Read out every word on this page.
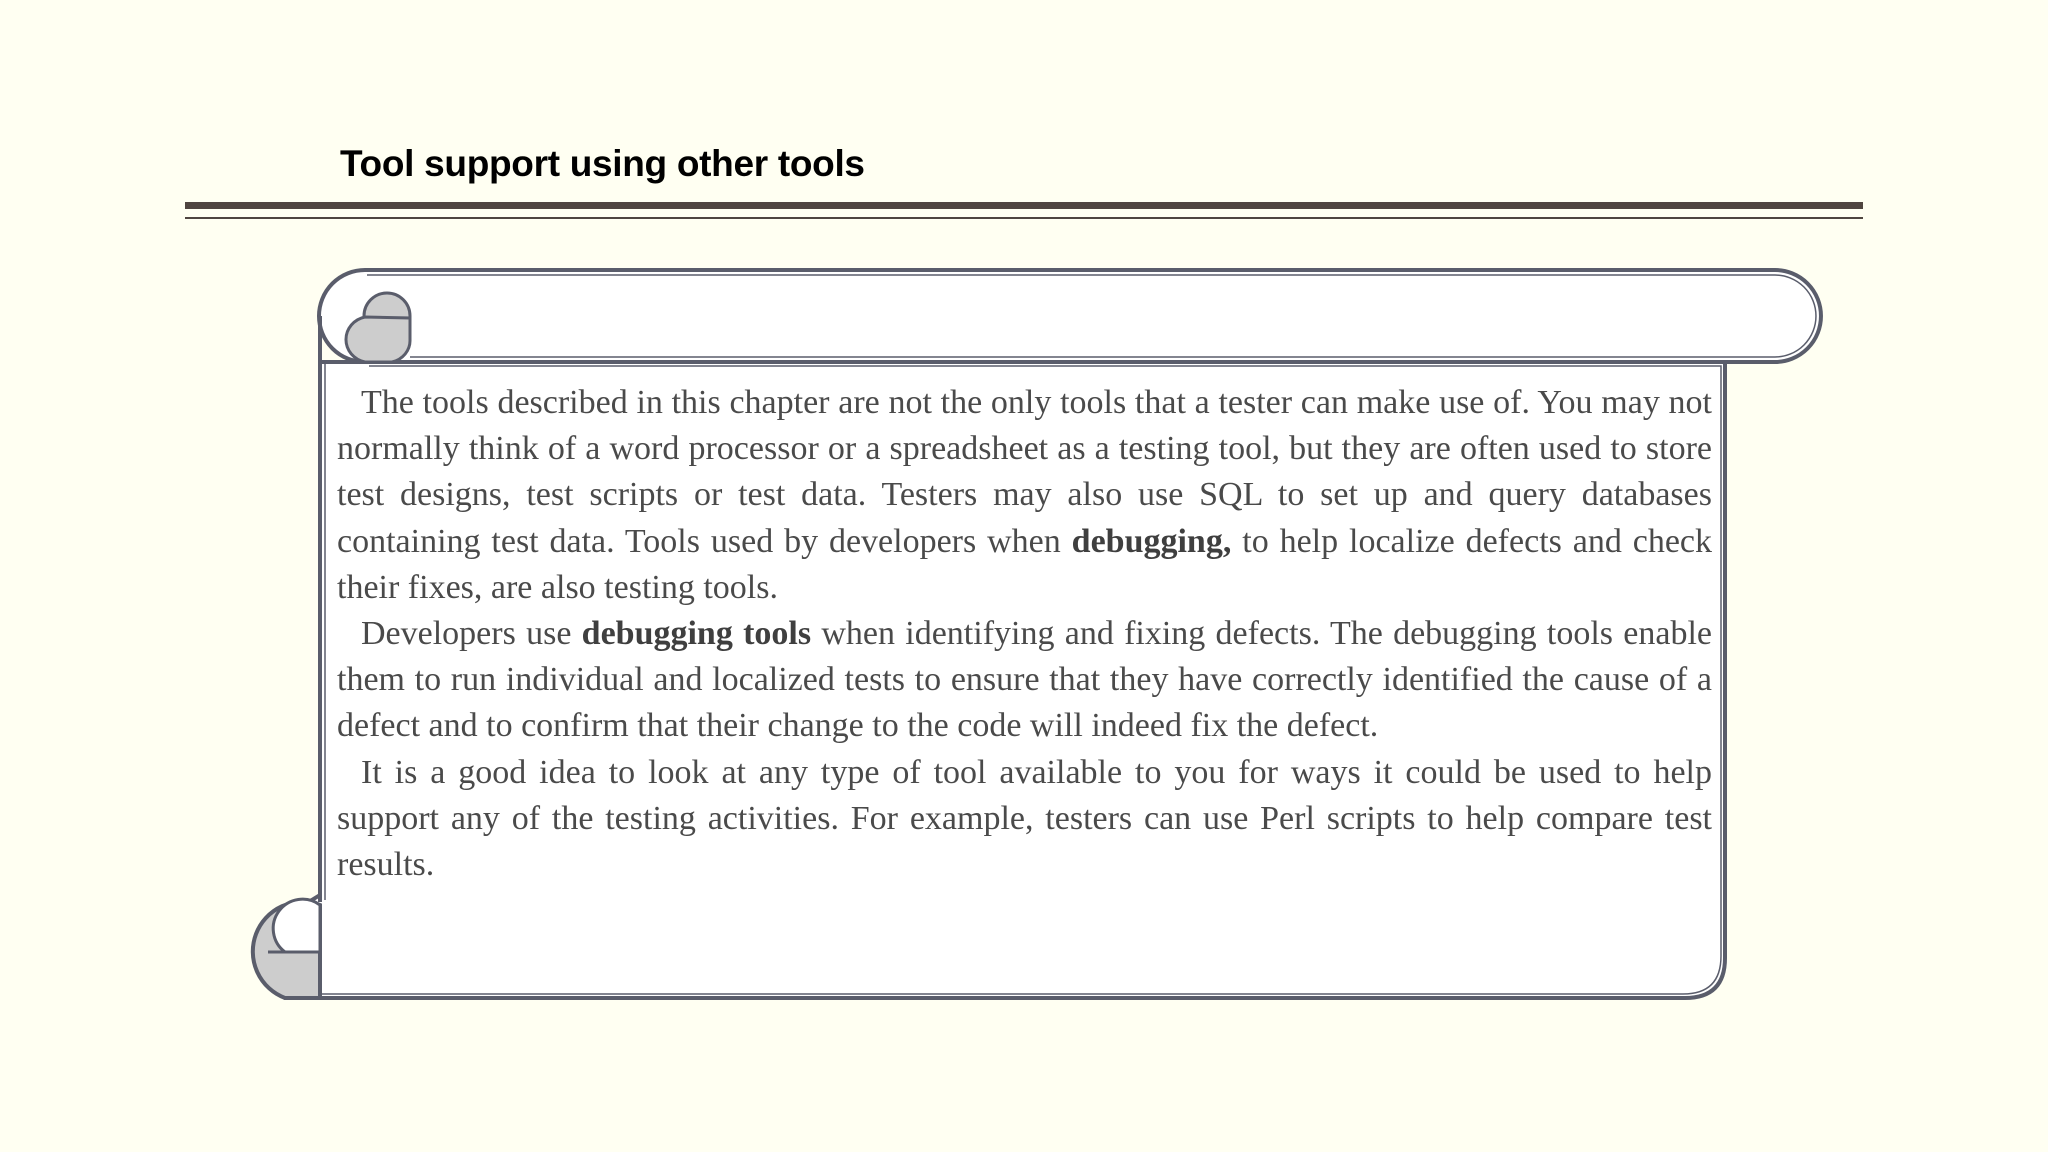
Tool support using other tools

The tools described in this chapter are not the only tools that a tester can make use of. You may not normally think of a word processor or a spreadsheet as a testing tool, but they are often used to store test designs, test scripts or test data. Testers may also use SQL to set up and query databases containing test data. Tools used by developers when debugging, to help localize defects and check their fixes, are also testing tools.

Developers use debugging tools when identifying and fixing defects. The debugging tools enable them to run individual and localized tests to ensure that they have correctly identified the cause of a defect and to confirm that their change to the code will indeed fix the defect.

It is a good idea to look at any type of tool available to you for ways it could be used to help support any of the testing activities. For example, testers can use Perl scripts to help compare test results.
